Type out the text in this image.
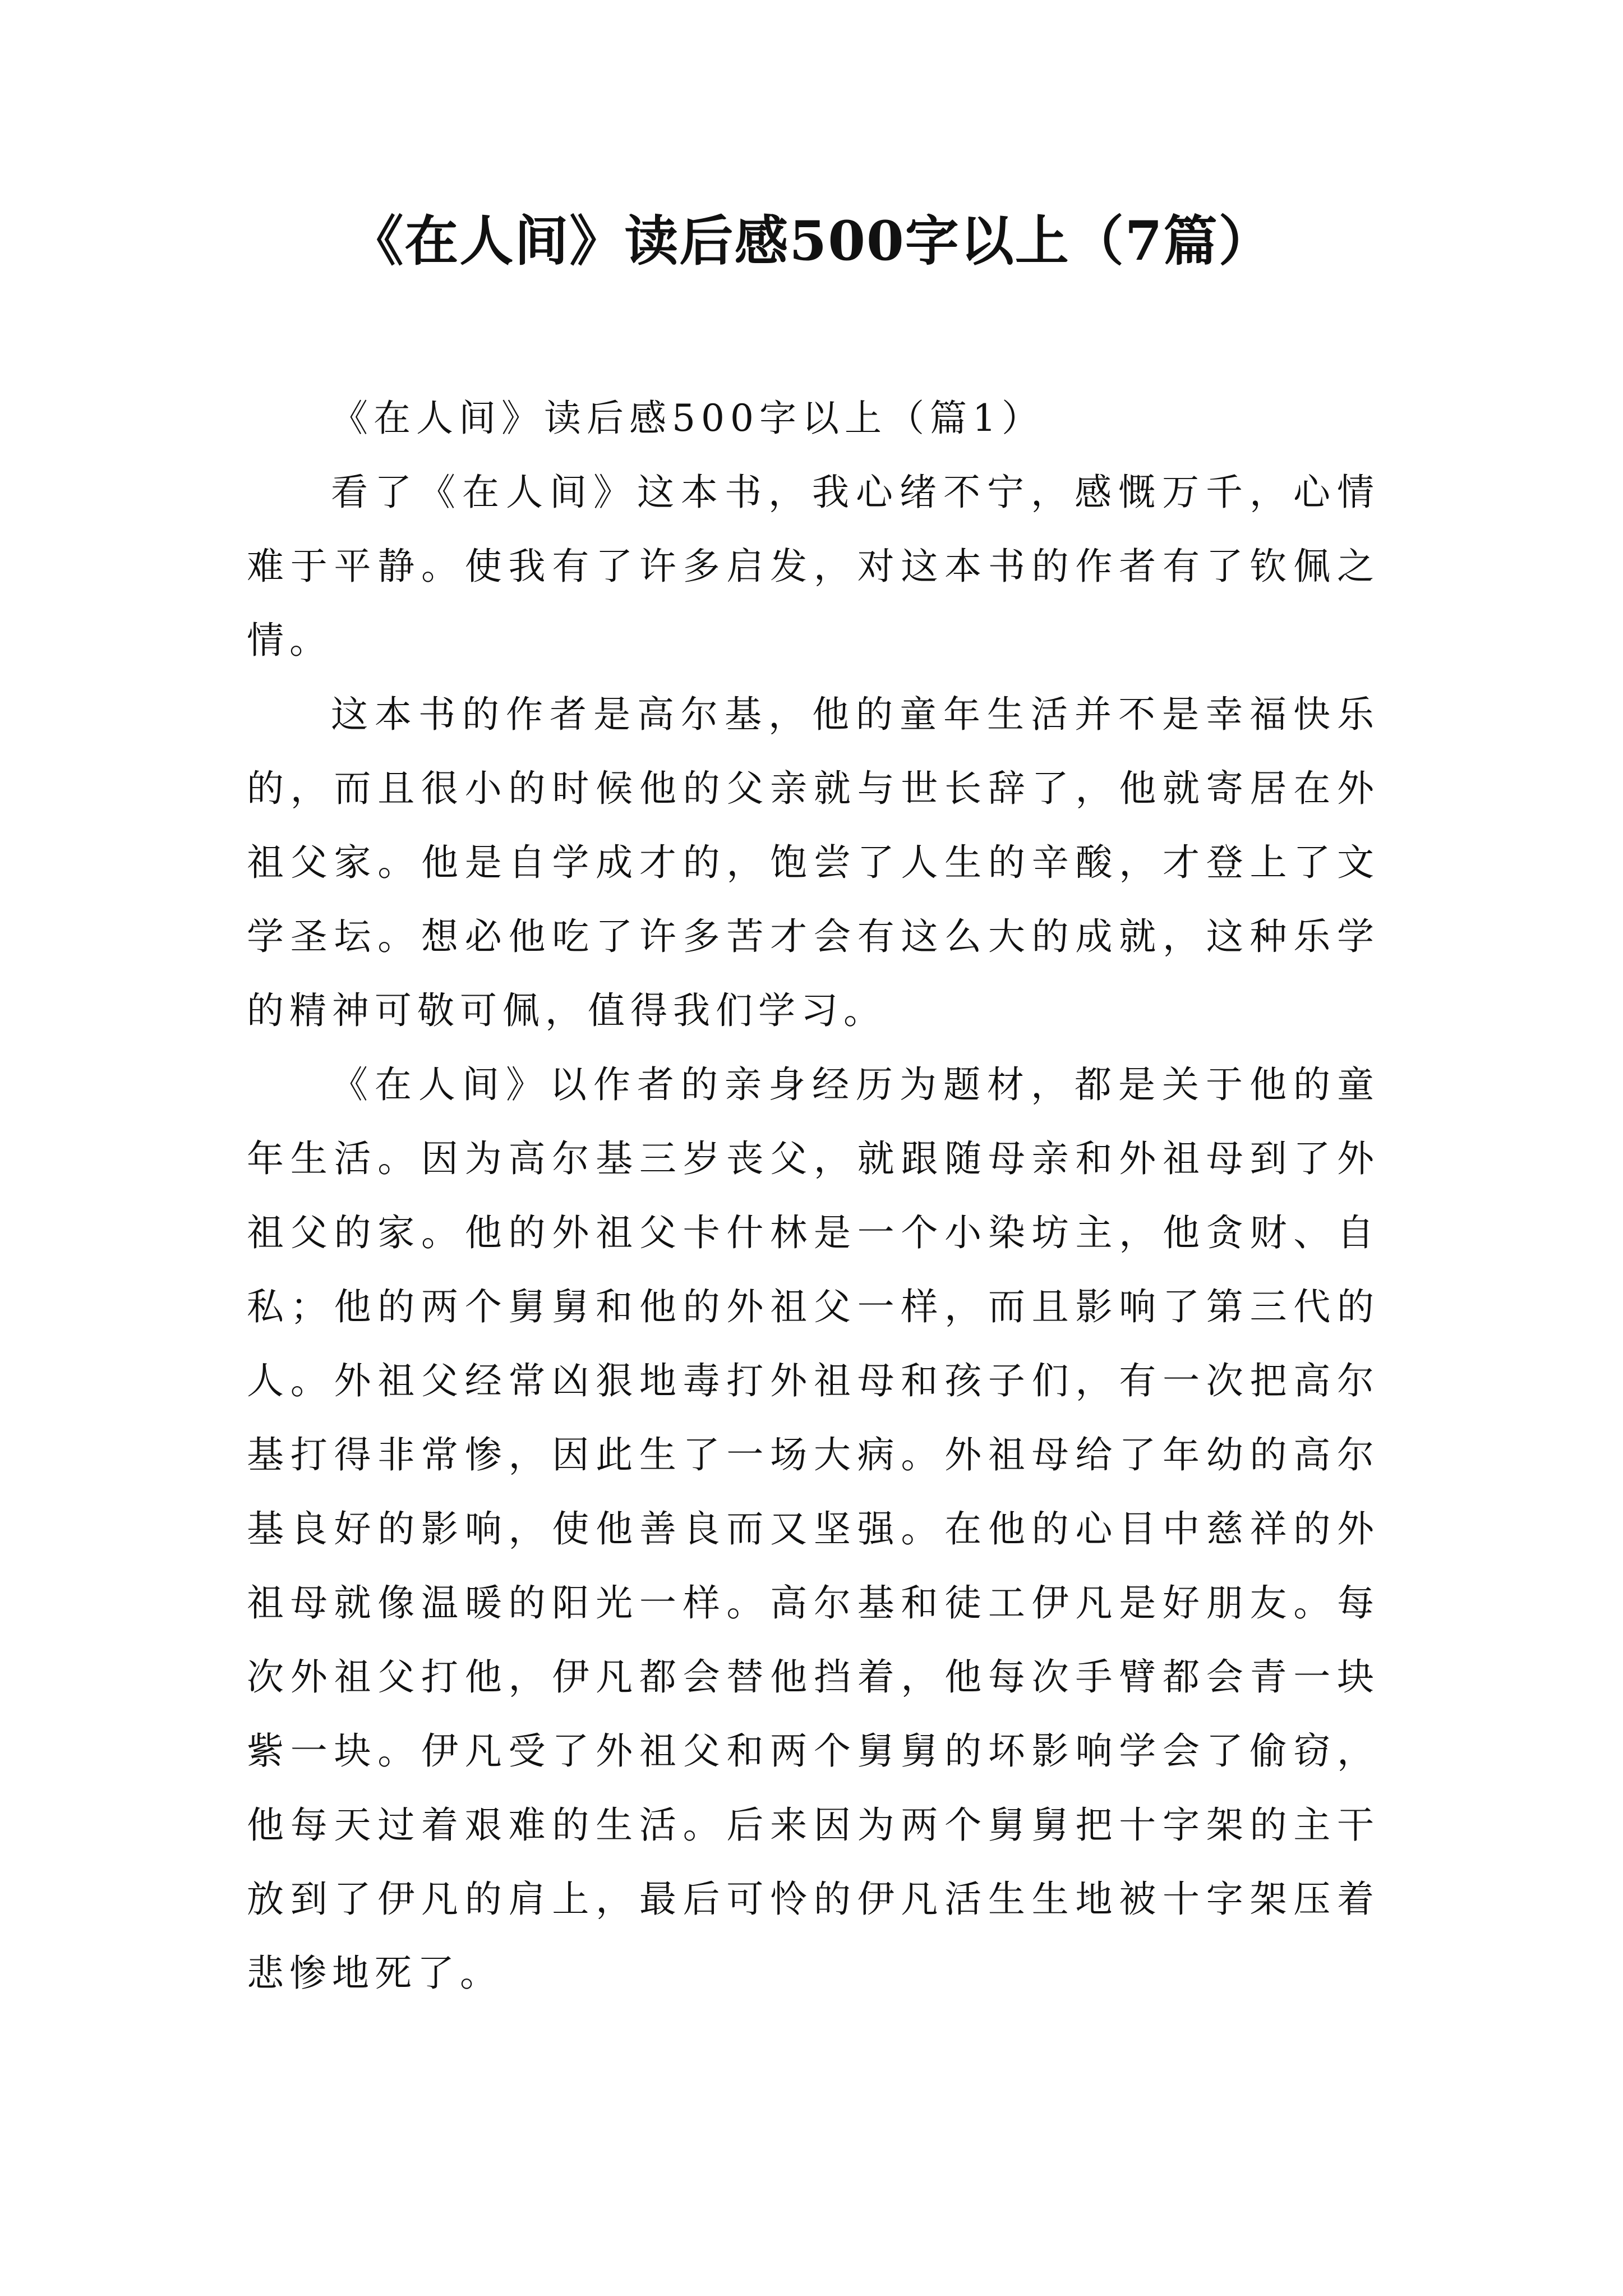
《在人间》读后感500字以上（7篇）
《在人间》读后感500字以上（篇1）

看了《在人间》这本书，我心绪不宁，感慨万千，心情难于平静。使我有了许多启发，对这本书的作者有了钦佩之情。

这本书的作者是高尔基，他的童年生活并不是幸福快乐的，而且很小的时候他的父亲就与世长辞了，他就寄居在外祖父家。他是自学成才的，饱尝了人生的辛酸，才登上了文学圣坛。想必他吃了许多苦才会有这么大的成就，这种乐学的精神可敬可佩，值得我们学习。

《在人间》以作者的亲身经历为题材，都是关于他的童年生活。因为高尔基三岁丧父，就跟随母亲和外祖母到了外祖父的家。他的外祖父卡什林是一个小染坊主，他贪财、自私；他的两个舅舅和他的外祖父一样，而且影响了第三代的人。外祖父经常凶狠地毒打外祖母和孩子们，有一次把高尔基打得非常惨，因此生了一场大病。外祖母给了年幼的高尔基良好的影响，使他善良而又坚强。在他的心目中慈祥的外祖母就像温暖的阳光一样。高尔基和徒工伊凡是好朋友。每次外祖父打他，伊凡都会替他挡着，他每次手臂都会青一块紫一块。伊凡受了外祖父和两个舅舅的坏影响学会了偷窃，他每天过着艰难的生活。后来因为两个舅舅把十字架的主干放到了伊凡的肩上，最后可怜的伊凡活生生地被十字架压着悲惨地死了。
